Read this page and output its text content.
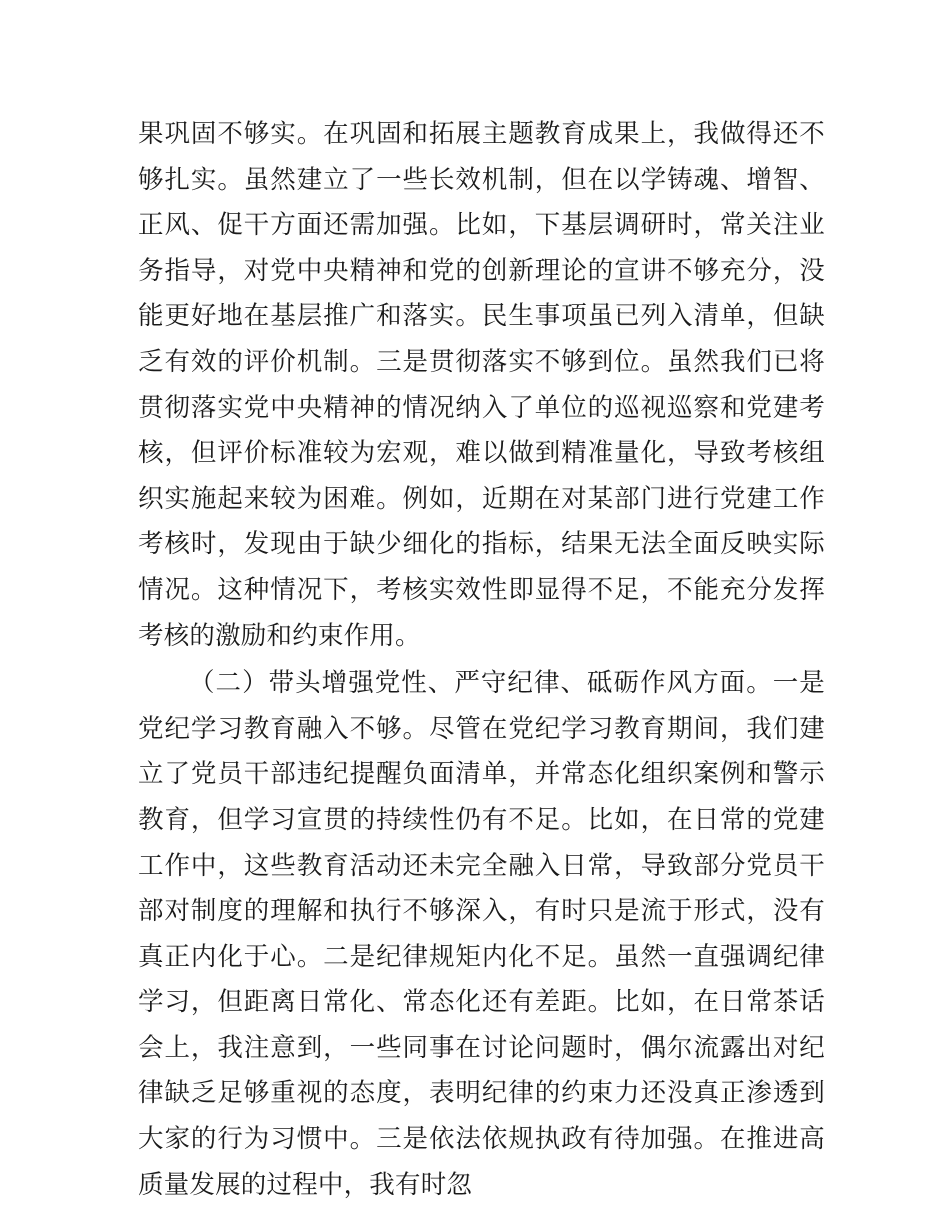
果巩固不够实。在巩固和拓展主题教育成果上，我做得还不够扎实。虽然建立了一些长效机制，但在以学铸魂、增智、正风、促干方面还需加强。比如，下基层调研时，常关注业务指导，对党中央精神和党的创新理论的宣讲不够充分，没能更好地在基层推广和落实。民生事项虽已列入清单，但缺乏有效的评价机制。三是贯彻落实不够到位。虽然我们已将贯彻落实党中央精神的情况纳入了单位的巡视巡察和党建考核，但评价标准较为宏观，难以做到精准量化，导致考核组织实施起来较为困难。例如，近期在对某部门进行党建工作考核时，发现由于缺少细化的指标，结果无法全面反映实际情况。这种情况下，考核实效性即显得不足，不能充分发挥考核的激励和约束作用。

（二）带头增强党性、严守纪律、砥砺作风方面。一是党纪学习教育融入不够。尽管在党纪学习教育期间，我们建立了党员干部违纪提醒负面清单，并常态化组织案例和警示教育，但学习宣贯的持续性仍有不足。比如，在日常的党建工作中，这些教育活动还未完全融入日常，导致部分党员干部对制度的理解和执行不够深入，有时只是流于形式，没有真正内化于心。二是纪律规矩内化不足。虽然一直强调纪律学习，但距离日常化、常态化还有差距。比如，在日常茶话会上，我注意到，一些同事在讨论问题时，偶尔流露出对纪律缺乏足够重视的态度，表明纪律的约束力还没真正渗透到大家的行为习惯中。三是依法依规执政有待加强。在推进高质量发展的过程中，我有时忽
